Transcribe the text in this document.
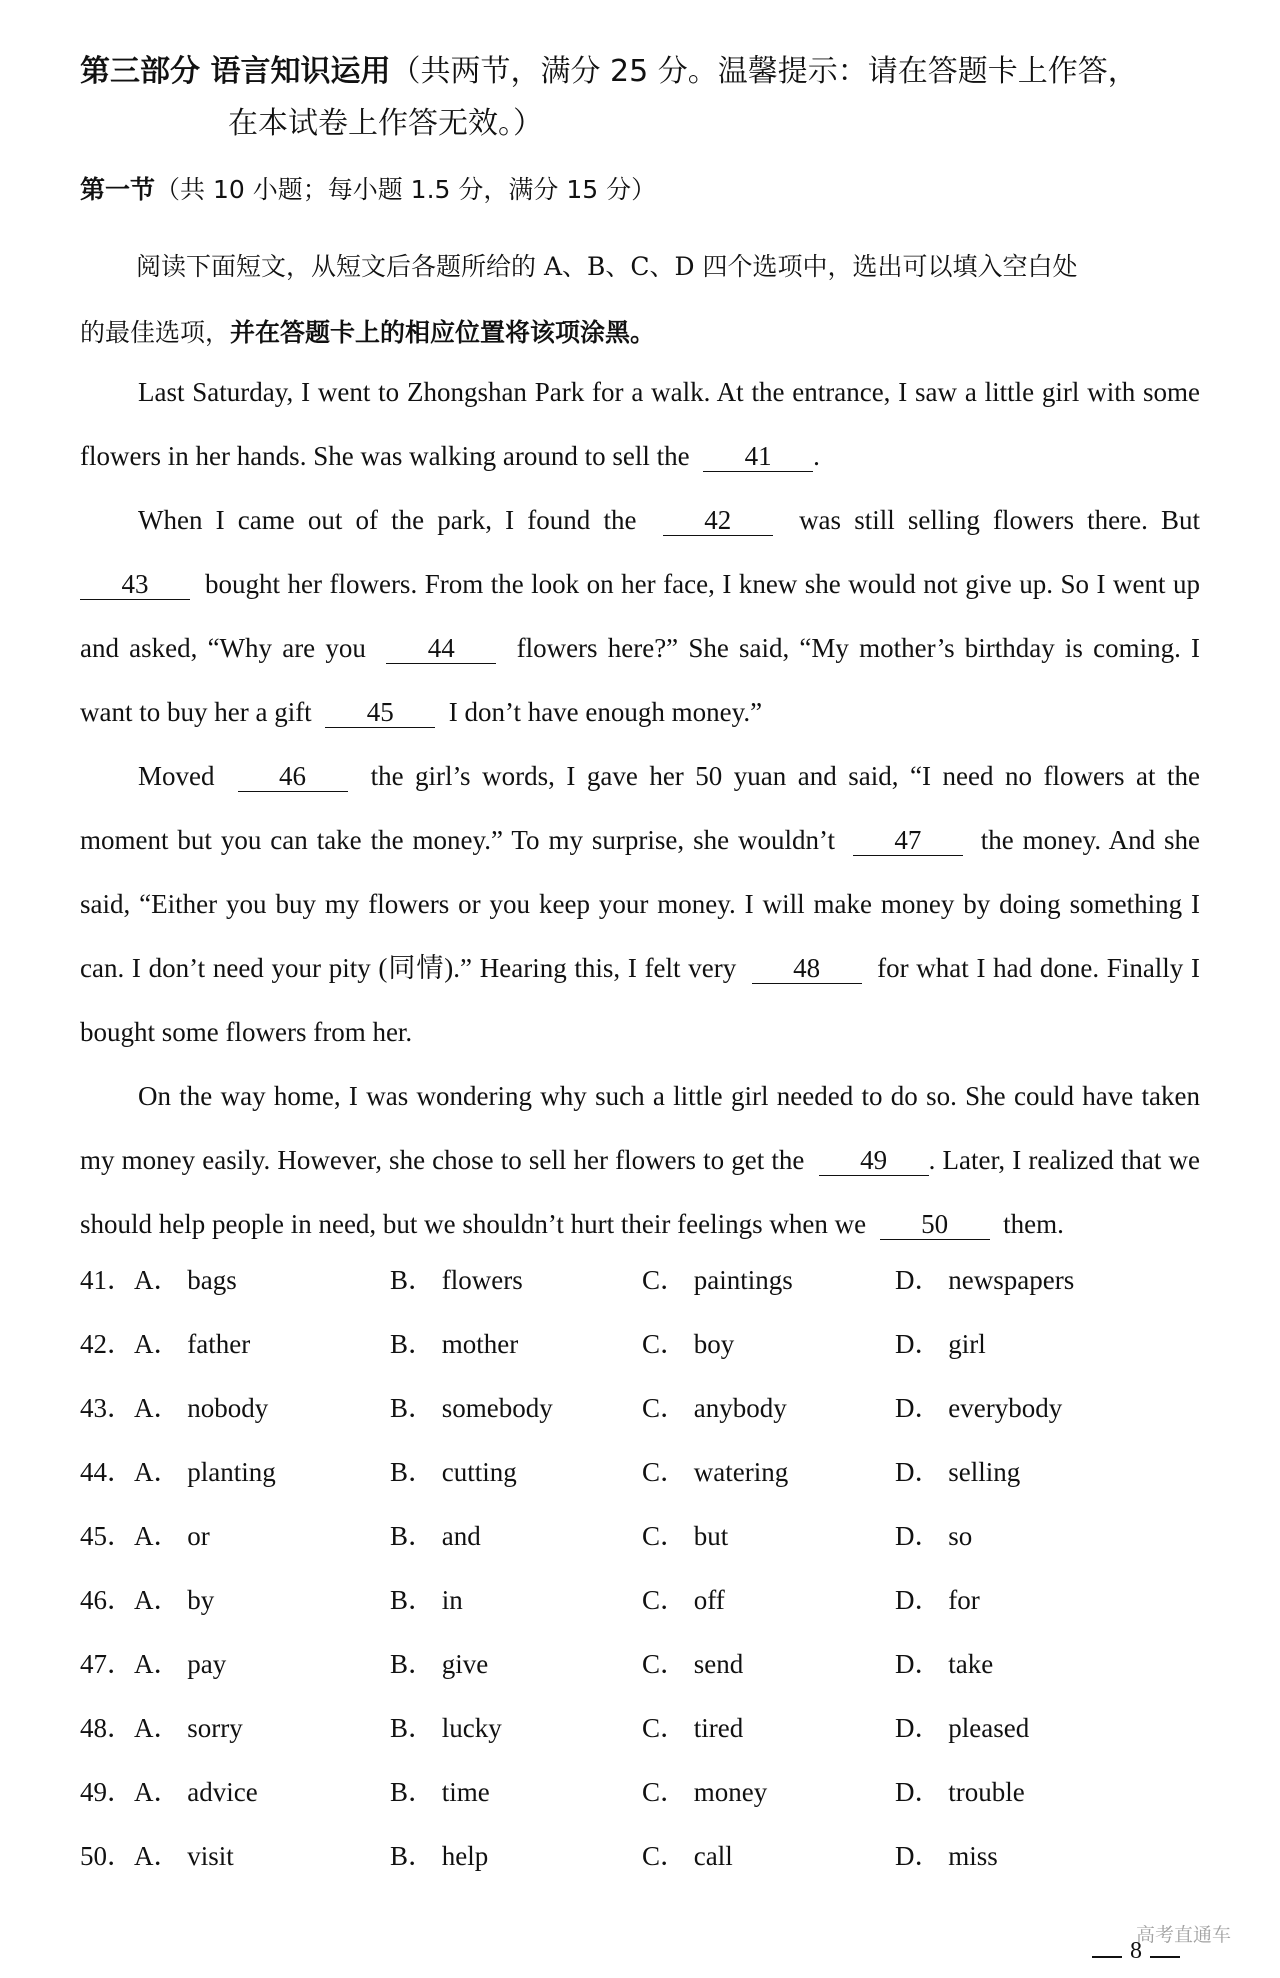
第三部分 语言知识运用（共两节，满分 25 分。温馨提示：请在答题卡上作答，
在本试卷上作答无效。）
第一节（共 10 小题；每小题 1.5 分，满分 15 分）
阅读下面短文，从短文后各题所给的 A、B、C、D 四个选项中，选出可以填入空白处
的最佳选项，并在答题卡上的相应位置将该项涂黑。

Last Saturday, I went to Zhongshan Park for a walk. At the entrance, I saw a little girl with some flowers in her hands. She was walking around to sell the 41 .

When I came out of the park, I found the	42	was still selling flowers there. But 43 bought her flowers. From the look on her face, I knew she would not give up. So I went up and asked, “Why are you 44 flowers here?” She said, “My mother’s birthday is coming. I want to buy her a gift 45 I don’t have enough money.”

Moved 46 the girl’s words, I gave her 50 yuan and said, “I need no flowers at the moment but you can take the money.” To my surprise, she wouldn’t 47 the money. And she said, “Either you buy my flowers or you keep your money. I will make money by doing something I can. I don’t need your pity (同情).” Hearing this, I felt very 48 for what I had done. Finally I bought some flowers from her.

On the way home, I was wondering why such a little girl needed to do so. She could have taken my money easily. However, she chose to sell her flowers to get the 49 . Later, I realized that we should help people in need, but we shouldn’t hurt their feelings when we 50 them.

41．A． bags	B． flowers	C． paintings	D． newspapers
42．A． father	B． mother	C． boy	D． girl
43．A． nobody	B． somebody	C． anybody	D． everybody
44．A． planting	B． cutting	C． watering	D． selling
45．A． or	B． and	C． but	D． so
46．A． by	B． in	C． off	D． for
47．A． pay	B． give	C． send	D． take
48．A． sorry	B． lucky	C． tired	D． pleased
49．A． advice	B． time	C． money	D． trouble
50．A． visit	B． help	C． call	D． miss
高考直通车
8
